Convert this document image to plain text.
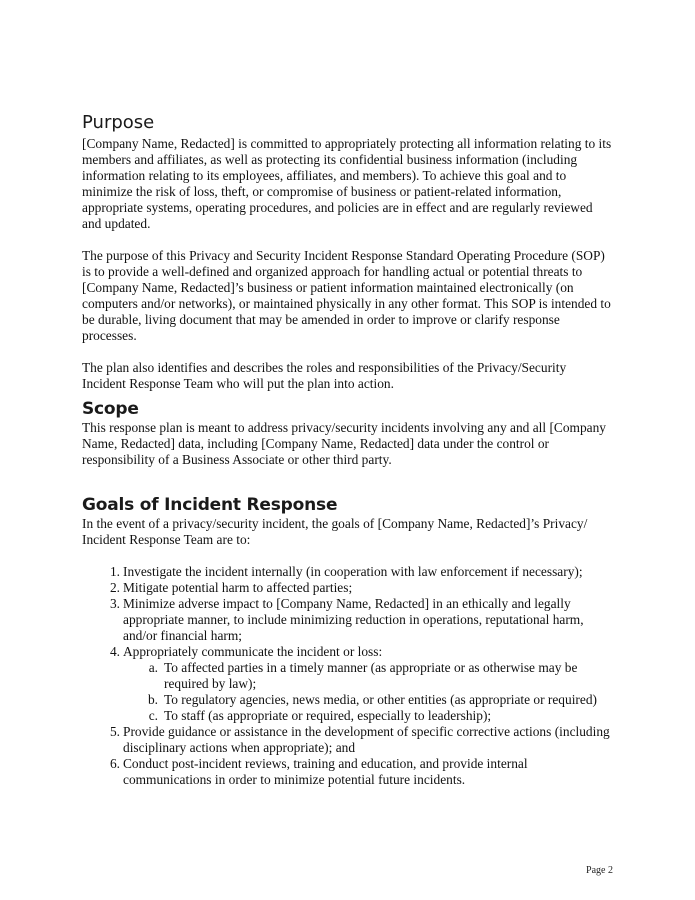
Purpose

[Company Name, Redacted] is committed to appropriately protecting all information relating to its members and affiliates, as well as protecting its confidential business information (including information relating to its employees, affiliates, and members). To achieve this goal and to minimize the risk of loss, theft, or compromise of business or patient-related information, appropriate systems, operating procedures, and policies are in effect and are regularly reviewed and updated.

The purpose of this Privacy and Security Incident Response Standard Operating Procedure (SOP) is to provide a well-defined and organized approach for handling actual or potential threats to [Company Name, Redacted]’s business or patient information maintained electronically (on computers and/or networks), or maintained physically in any other format. This SOP is intended to be durable, living document that may be amended in order to improve or clarify response processes.

The plan also identifies and describes the roles and responsibilities of the Privacy/Security Incident Response Team who will put the plan into action.

Scope

This response plan is meant to address privacy/security incidents involving any and all [Company Name, Redacted] data, including [Company Name, Redacted] data under the control or responsibility of a Business Associate or other third party.

Goals of Incident Response

In the event of a privacy/security incident, the goals of [Company Name, Redacted]’s Privacy/ Incident Response Team are to:

1. Investigate the incident internally (in cooperation with law enforcement if necessary);
2. Mitigate potential harm to affected parties;
3. Minimize adverse impact to [Company Name, Redacted] in an ethically and legally appropriate manner, to include minimizing reduction in operations, reputational harm, and/or financial harm;
4. Appropriately communicate the incident or loss:
a. To affected parties in a timely manner (as appropriate or as otherwise may be required by law);
b. To regulatory agencies, news media, or other entities (as appropriate or required)
c. To staff (as appropriate or required, especially to leadership);
5. Provide guidance or assistance in the development of specific corrective actions (including disciplinary actions when appropriate); and
6. Conduct post-incident reviews, training and education, and provide internal communications in order to minimize potential future incidents.
Page 2
